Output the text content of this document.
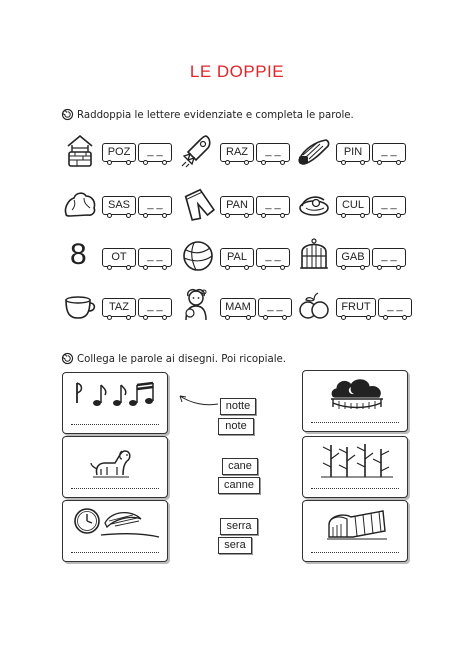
LE DOPPIE
Raddoppia le lettere evidenziate e completa le parole.
POZ	_ _	RAZ	_ _	PIN	_ _
SAS	_ _	PAN	_ _	CUL	_ _
8	OT	_ _	PAL	_ _	GAB	_ _
TAZ	_ _	MAM	_ _	FRUT	_ _
Collega le parole ai disegni. Poi ricopiale.
notte
note
cane
canne
serra
sera
